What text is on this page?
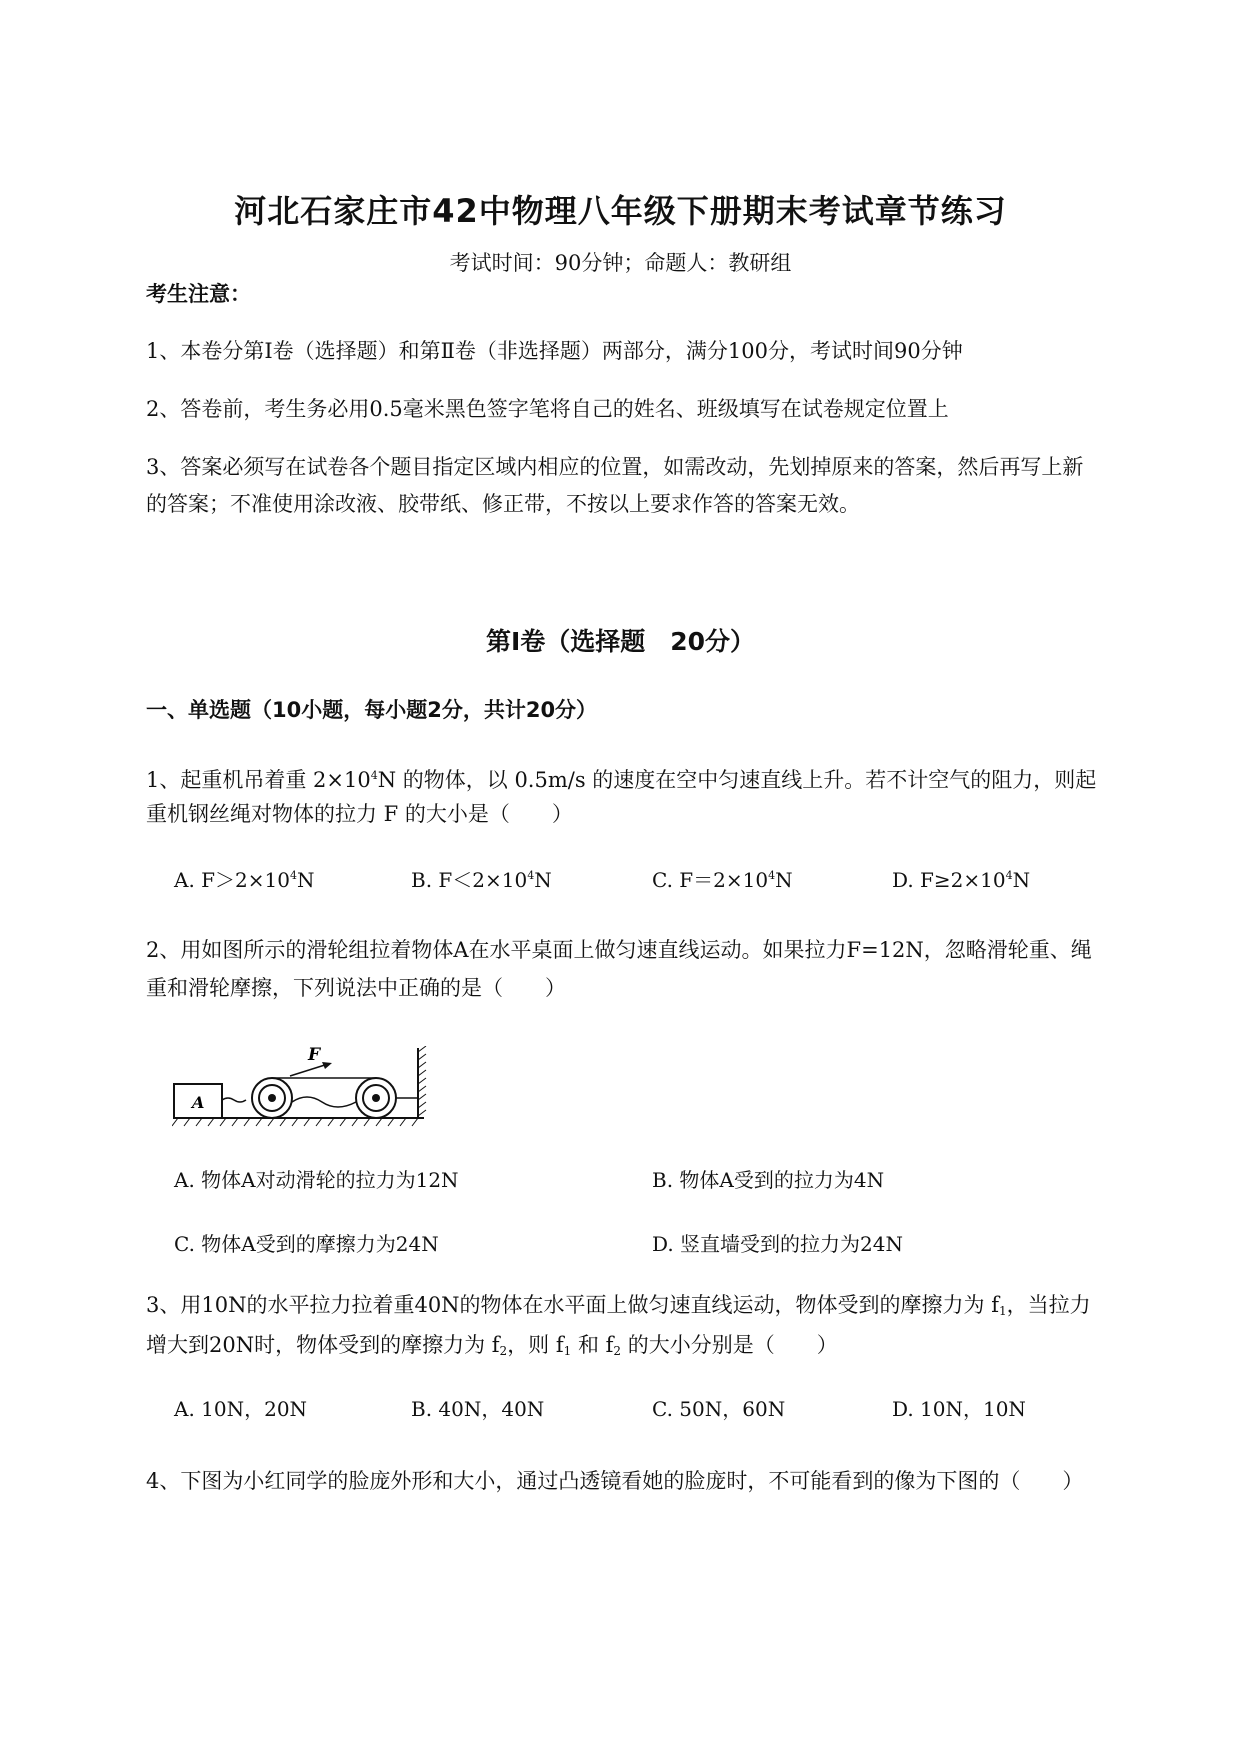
河北石家庄市42中物理八年级下册期末考试章节练习
考试时间：90分钟；命题人：教研组
考生注意：
1、本卷分第I卷（选择题）和第Ⅱ卷（非选择题）两部分，满分100分，考试时间90分钟
2、答卷前，考生务必用0.5毫米黑色签字笔将自己的姓名、班级填写在试卷规定位置上
3、答案必须写在试卷各个题目指定区域内相应的位置，如需改动，先划掉原来的答案，然后再写上新
的答案；不准使用涂改液、胶带纸、修正带，不按以上要求作答的答案无效。
第I卷（选择题　20分）
一、单选题（10小题，每小题2分，共计20分）
1、起重机吊着重 $2\times 10^4N$ 的物体，以 0.5m/s 的速度在空中匀速直线上升。若不计空气的阻力，则起
重机钢丝绳对物体的拉力 F 的大小是（　　）
A. $F>2\times 10^4N$	B. $F<2\times 10^4N$	C. $F=2\times 10^4N$	D. $F\ge 2\times 10^4N$
2、用如图所示的滑轮组拉着物体A在水平桌面上做匀速直线运动。如果拉力F=12N，忽略滑轮重、绳
重和滑轮摩擦，下列说法中正确的是（　　）
A
F
A. 物体A对动滑轮的拉力为12N	B. 物体A受到的拉力为4N
C. 物体A受到的摩擦力为24N	D. 竖直墙受到的拉力为24N
3、用10N的水平拉力拉着重40N的物体在水平面上做匀速直线运动，物体受到的摩擦力为 $f_1$，当拉力
增大到20N时，物体受到的摩擦力为 $f_2$，则 $f_1$ 和 $f_2$ 的大小分别是（　　）
A. 10N，20N	B. 40N，40N	C. 50N，60N	D. 10N，10N
4、下图为小红同学的脸庞外形和大小，通过凸透镜看她的脸庞时，不可能看到的像为下图的（　　）
